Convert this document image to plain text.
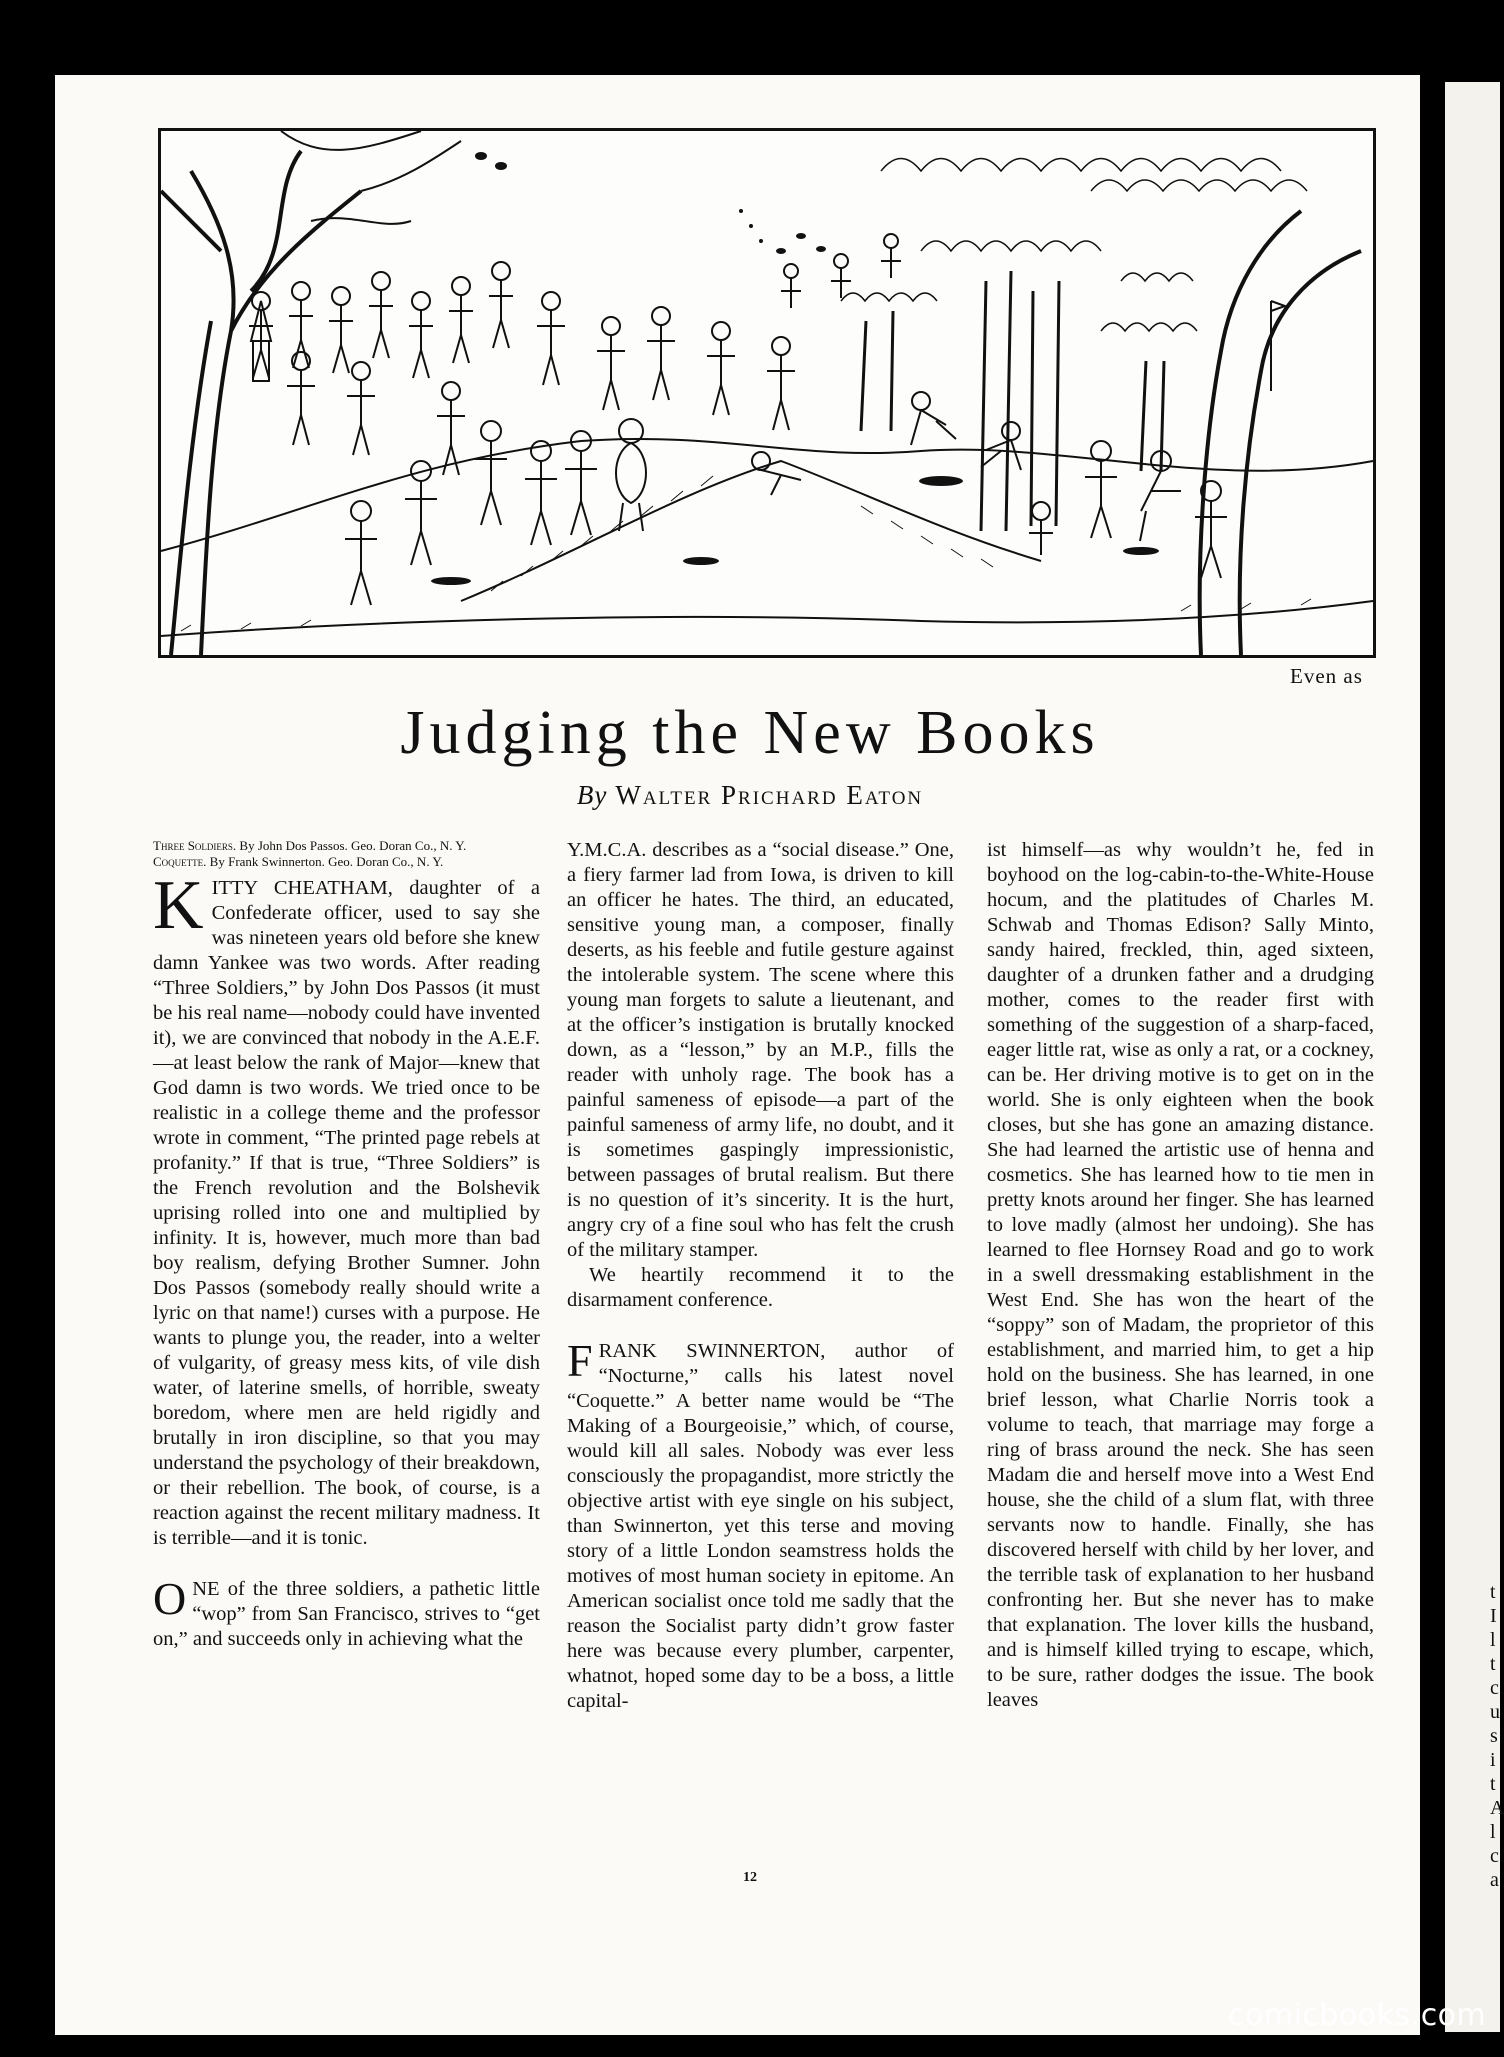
t
I
l
t
c
u
s
i
t
A
l
c
a
Even as
Judging the New Books
By Walter Prichard Eaton
Three Soldiers. By John Dos Passos. Geo. Doran Co., N. Y.
Coquette. By Frank Swinnerton. Geo. Doran Co., N. Y.

KITTY CHEATHAM, daughter of a Confederate officer, used to say she was nineteen years old before she knew damn Yankee was two words. After reading “Three Soldiers,” by John Dos Passos (it must be his real name—nobody could have invented it), we are convinced that nobody in the A.E.F.—at least below the rank of Major—knew that God damn is two words. We tried once to be realistic in a college theme and the professor wrote in comment, “The printed page rebels at profanity.” If that is true, “Three Soldiers” is the French revolution and the Bolshevik uprising rolled into one and multiplied by infinity. It is, however, much more than bad boy realism, defying Brother Sumner. John Dos Passos (somebody really should write a lyric on that name!) curses with a purpose. He wants to plunge you, the reader, into a welter of vulgarity, of greasy mess kits, of vile dish water, of laterine smells, of horrible, sweaty boredom, where men are held rigidly and brutally in iron discipline, so that you may understand the psychology of their breakdown, or their rebellion. The book, of course, is a reaction against the recent military madness. It is terrible—and it is tonic.

ONE of the three soldiers, a pathetic little “wop” from San Francisco, strives to “get on,” and succeeds only in achieving what the

Y.M.C.A. describes as a “social disease.” One, a fiery farmer lad from Iowa, is driven to kill an officer he hates. The third, an educated, sensitive young man, a composer, finally deserts, as his feeble and futile gesture against the intolerable system. The scene where this young man forgets to salute a lieutenant, and at the officer’s instigation is brutally knocked down, as a “lesson,” by an M.P., fills the reader with unholy rage. The book has a painful sameness of episode—a part of the painful sameness of army life, no doubt, and it is sometimes gaspingly impressionistic, between passages of brutal realism. But there is no question of it’s sincerity. It is the hurt, angry cry of a fine soul who has felt the crush of the military stamper.

We heartily recommend it to the disarmament conference.

FRANK SWINNERTON, author of “Nocturne,” calls his latest novel “Coquette.” A better name would be “The Making of a Bourgeoisie,” which, of course, would kill all sales. Nobody was ever less consciously the propagandist, more strictly the objective artist with eye single on his subject, than Swinnerton, yet this terse and moving story of a little London seamstress holds the motives of most human society in epitome. An American socialist once told me sadly that the reason the Socialist party didn’t grow faster here was because every plumber, carpenter, whatnot, hoped some day to be a boss, a little capital-

ist himself—as why wouldn’t he, fed in boyhood on the log-cabin-to-the-White-House hocum, and the platitudes of Charles M. Schwab and Thomas Edison? Sally Minto, sandy haired, freckled, thin, aged sixteen, daughter of a drunken father and a drudging mother, comes to the reader first with something of the suggestion of a sharp-faced, eager little rat, wise as only a rat, or a cockney, can be. Her driving motive is to get on in the world. She is only eighteen when the book closes, but she has gone an amazing distance. She had learned the artistic use of henna and cosmetics. She has learned how to tie men in pretty knots around her finger. She has learned to love madly (almost her undoing). She has learned to flee Hornsey Road and go to work in a swell dressmaking establishment in the West End. She has won the heart of the “soppy” son of Madam, the proprietor of this establishment, and married him, to get a hip hold on the business. She has learned, in one brief lesson, what Charlie Norris took a volume to teach, that marriage may forge a ring of brass around the neck. She has seen Madam die and herself move into a West End house, she the child of a slum flat, with three servants now to handle. Finally, she has discovered herself with child by her lover, and the terrible task of explanation to her husband confronting her. But she never has to make that explanation. The lover kills the husband, and is himself killed trying to escape, which, to be sure, rather dodges the issue. The book leaves

12
comicbooks.com
